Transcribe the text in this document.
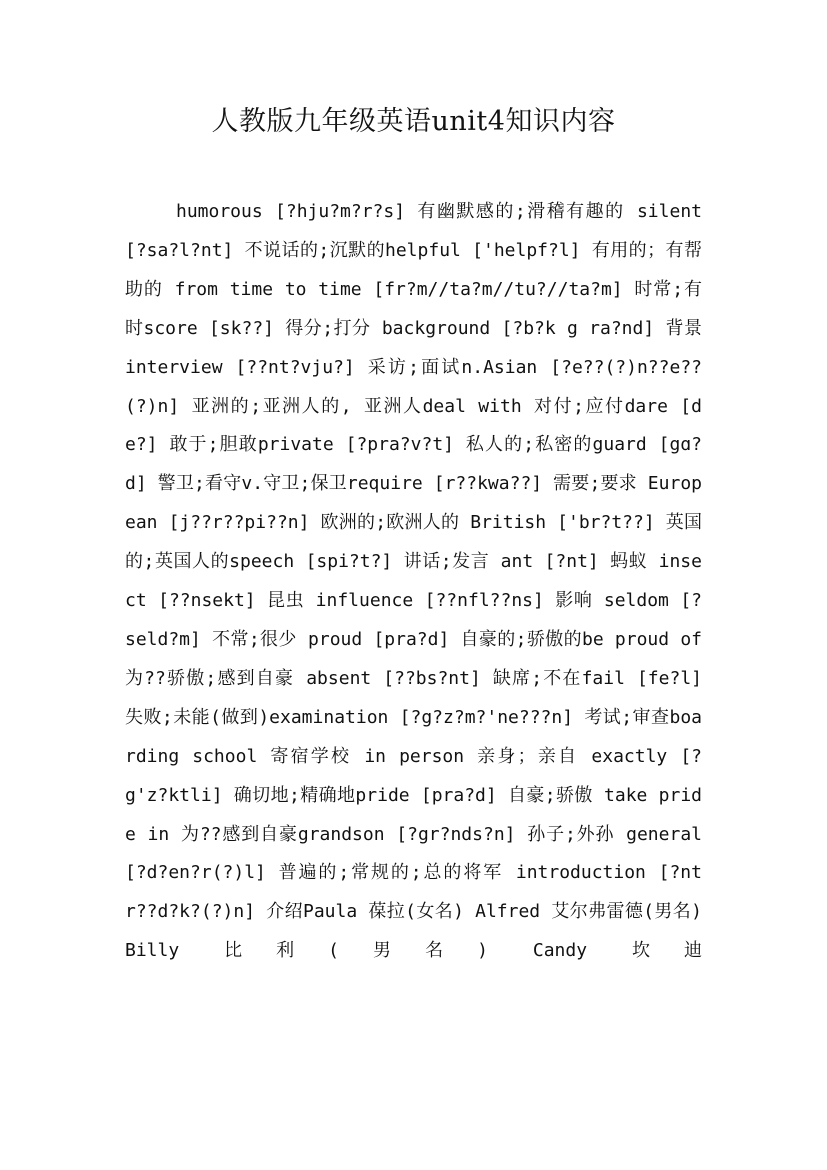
人教版九年级英语unit4知识内容

humorous [?hju?m?r?s] 有幽默感的;滑稽有趣的 silent [?sa?l?nt] 不说话的;沉默的helpful ['helpf?l] 有用的；有帮助的 from time to time [fr?m//ta?m//tu?//ta?m] 时常;有时score [sk??] 得分;打分 background [?b?k g ra?nd] 背景 interview [??nt?vju?] 采访;面试n.Asian [?e??(?)n??e??(?)n] 亚洲的;亚洲人的, 亚洲人deal with 对付;应付dare [de?] 敢于;胆敢private [?pra?v?t] 私人的;私密的guard [gɑ?d] 警卫;看守v.守卫;保卫require [r??kwa??] 需要;要求 European [j??r??pi??n] 欧洲的;欧洲人的 British ['br?t??] 英国的;英国人的speech [spi?t?] 讲话;发言 ant [?nt] 蚂蚁 insect [??nsekt] 昆虫 influence [??nfl??ns] 影响 seldom [?seld?m] 不常;很少 proud [pra?d] 自豪的;骄傲的be proud of 为??骄傲;感到自豪 absent [??bs?nt] 缺席;不在fail [fe?l] 失败;未能(做到)examination [?g?z?m?'ne???n] 考试;审查boarding school 寄宿学校 in person 亲身；亲自 exactly [?g'z?ktli] 确切地;精确地pride [pra?d] 自豪;骄傲 take pride in 为??感到自豪grandson [?gr?nds?n] 孙子;外孙 general [?d?en?r(?)l] 普遍的;常规的;总的将军 introduction [?ntr??d?k?(?)n] 介绍Paula 葆拉(女名) Alfred 艾尔弗雷德(男名) Billy 比利(男名) Candy 坎迪
